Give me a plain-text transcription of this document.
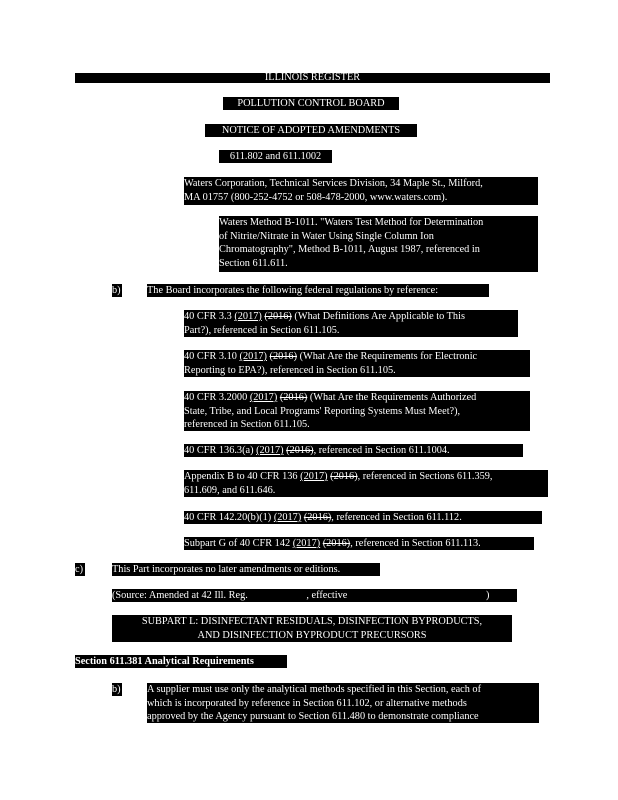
ILLINOIS REGISTER
POLLUTION CONTROL BOARD
NOTICE OF ADOPTED AMENDMENTS
611.802 and 611.1002
Waters Corporation, Technical Services Division, 34 Maple St., Milford,
MA 01757 (800-252-4752 or 508-478-2000, www.waters.com).
Waters Method B-1011. "Waters Test Method for Determination
of Nitrite/Nitrate in Water Using Single Column Ion
Chromatography", Method B-1011, August 1987, referenced in
Section 611.611.
b)	The Board incorporates the following federal regulations by reference:
40 CFR 3.3 (2017) (2016) (What Definitions Are Applicable to This
Part?), referenced in Section 611.105.
40 CFR 3.10 (2017) (2016) (What Are the Requirements for Electronic
Reporting to EPA?), referenced in Section 611.105.
40 CFR 3.2000 (2017) (2016) (What Are the Requirements Authorized
State, Tribe, and Local Programs' Reporting Systems Must Meet?),
referenced in Section 611.105.
40 CFR 136.3(a) (2017) (2016), referenced in Section 611.1004.
Appendix B to 40 CFR 136 (2017) (2016), referenced in Sections 611.359,
611.609, and 611.646.
40 CFR 142.20(b)(1) (2017) (2016), referenced in Section 611.112.
Subpart G of 40 CFR 142 (2017) (2016), referenced in Section 611.113.
c)	This Part incorporates no later amendments or editions.
(Source: Amended at 42 Ill. Reg.	, effective	)
SUBPART L: DISINFECTANT RESIDUALS, DISINFECTION BYPRODUCTS,
AND DISINFECTION BYPRODUCT PRECURSORS
Section 611.381 Analytical Requirements
b)	A supplier must use only the analytical methods specified in this Section, each of
which is incorporated by reference in Section 611.102, or alternative methods
approved by the Agency pursuant to Section 611.480 to demonstrate compliance
